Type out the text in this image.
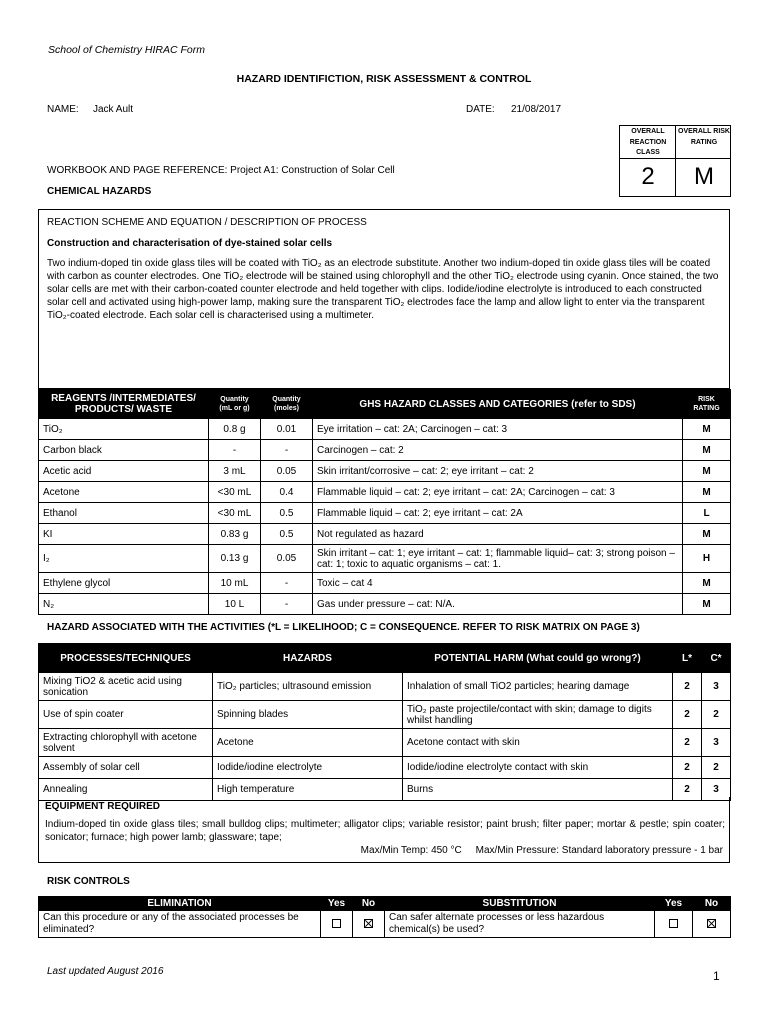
School of Chemistry HIRAC Form
HAZARD IDENTIFICTION, RISK ASSESSMENT & CONTROL
NAME: Jack Ault	DATE: 21/08/2017
OVERALL REACTION CLASS
OVERALL RISK RATING
2	M
WORKBOOK AND PAGE REFERENCE: Project A1: Construction of Solar Cell
CHEMICAL HAZARDS
REACTION SCHEME AND EQUATION / DESCRIPTION OF PROCESS
Construction and characterisation of dye-stained solar cells
Two indium-doped tin oxide glass tiles will be coated with TiO₂ as an electrode substitute. Another two indium-doped tin oxide glass tiles will be coated with carbon as counter electrodes. One TiO₂ electrode will be stained using chlorophyll and the other TiO₂ electrode using cyanin. Once stained, the two solar cells are met with their carbon-coated counter electrode and held together with clips. Iodide/iodine electrolyte is introduced to each constructed solar cell and activated using high-power lamp, making sure the transparent TiO₂ electrodes face the lamp and allow light to enter via the transparent TiO₂-coated electrode. Each solar cell is characterised using a multimeter.
REAGENTS /INTERMEDIATES/ PRODUCTS/ WASTE	Quantity (mL or g)	Quantity (moles)	GHS HAZARD CLASSES AND CATEGORIES (refer to SDS)	RISK RATING
TiO₂	0.8 g	0.01	Eye irritation – cat: 2A; Carcinogen – cat: 3	M
Carbon black	-	-	Carcinogen – cat: 2	M
Acetic acid	3 mL	0.05	Skin irritant/corrosive – cat: 2; eye irritant – cat: 2	M
Acetone	<30 mL	0.4	Flammable liquid – cat: 2; eye irritant – cat: 2A; Carcinogen – cat: 3	M
Ethanol	<30 mL	0.5	Flammable liquid – cat: 2; eye irritant – cat: 2A	L
KI	0.83 g	0.5	Not regulated as hazard	M
I₂	0.13 g	0.05	Skin irritant – cat: 1; eye irritant – cat: 1; flammable liquid– cat: 3; strong poison – cat: 1; toxic to aquatic organisms – cat: 1.	H
Ethylene glycol	10 mL	-	Toxic – cat 4	M
N₂	10 L	-	Gas under pressure – cat: N/A.	M
HAZARD ASSOCIATED WITH THE ACTIVITIES (*L = LIKELIHOOD; C = CONSEQUENCE. REFER TO RISK MATRIX ON PAGE 3)
PROCESSES/TECHNIQUES	HAZARDS	POTENTIAL HARM (What could go wrong?)	L*	C*
Mixing TiO2 & acetic acid using sonication	TiO₂ particles; ultrasound emission	Inhalation of small TiO2 particles; hearing damage	2	3
Use of spin coater	Spinning blades	TiO₂ paste projectile/contact with skin; damage to digits whilst handling	2	2
Extracting chlorophyll with acetone solvent	Acetone	Acetone contact with skin	2	3
Assembly of solar cell	Iodide/iodine electrolyte	Iodide/iodine electrolyte contact with skin	2	2
Annealing	High temperature	Burns	2	3
EQUIPMENT REQUIRED
Indium-doped tin oxide glass tiles; small bulldog clips; multimeter; alligator clips; variable resistor; paint brush; filter paper; mortar & pestle; spin coater; sonicator; furnace; high power lamb; glassware; tape;
Max/Min Temp: 450 °C Max/Min Pressure: Standard laboratory pressure - 1 bar
RISK CONTROLS
ELIMINATION	Yes	No	SUBSTITUTION	Yes	No
Can this procedure or any of the associated processes be eliminated?			Can safer alternate processes or less hazardous chemical(s) be used?		
Last updated August 2016	1
